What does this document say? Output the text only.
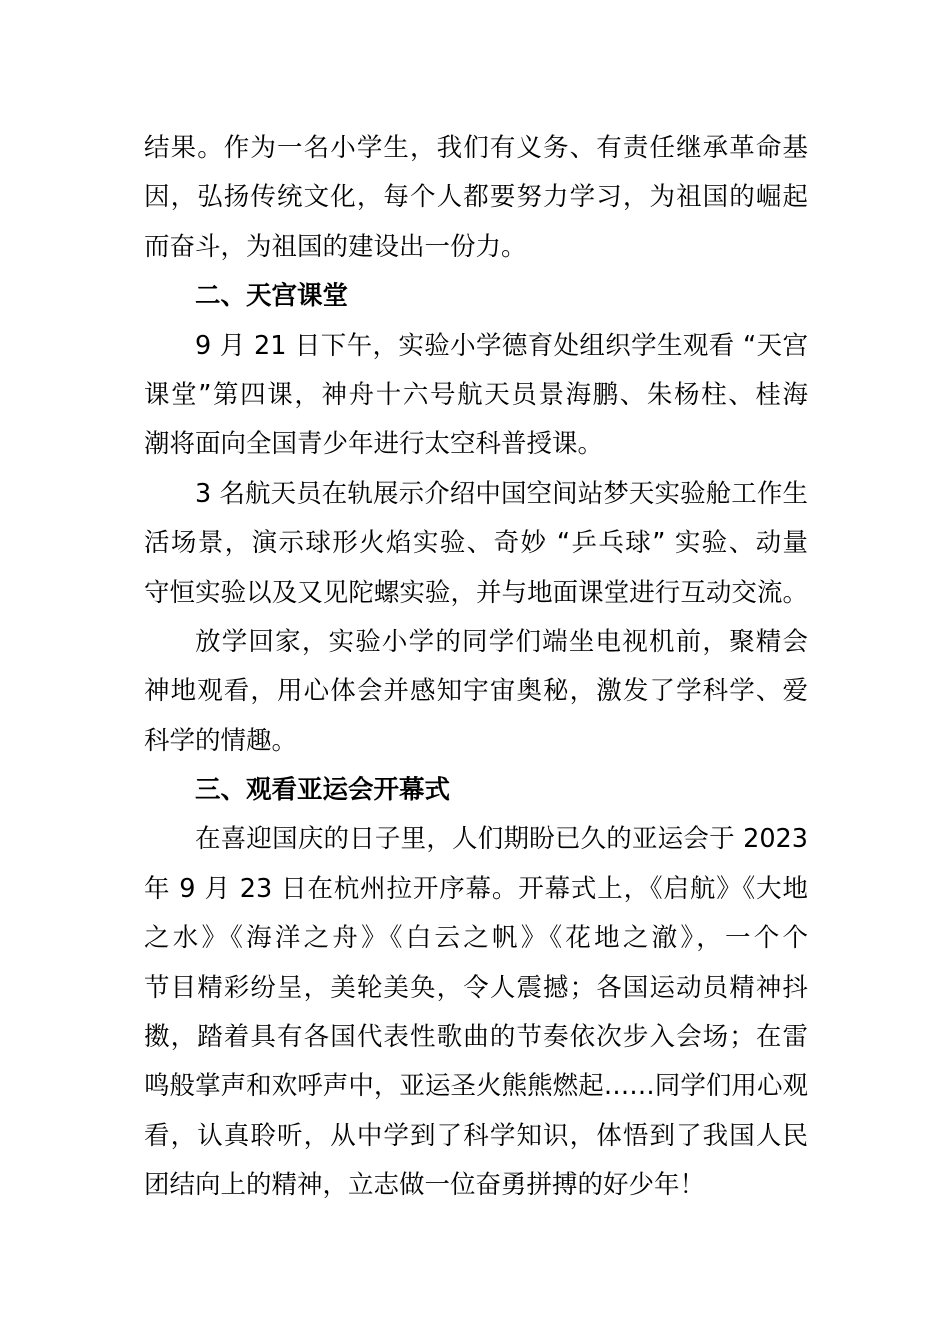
结果。作为一名小学生，我们有义务、有责任继承革命基
因，弘扬传统文化，每个人都要努力学习，为祖国的崛起
而奋斗，为祖国的建设出一份力。
二、天宫课堂
9 月 21 日下午，实验小学德育处组织学生观看 “天宫
课堂”第四课，神舟十六号航天员景海鹏、朱杨柱、桂海
潮将面向全国青少年进行太空科普授课。
3 名航天员在轨展示介绍中国空间站梦天实验舱工作生
活场景，演示球形火焰实验、奇妙 “乒乓球” 实验、动量
守恒实验以及又见陀螺实验，并与地面课堂进行互动交流。
放学回家，实验小学的同学们端坐电视机前，聚精会
神地观看，用心体会并感知宇宙奥秘，激发了学科学、爱
科学的情趣。
三、观看亚运会开幕式
在喜迎国庆的日子里，人们期盼已久的亚运会于 2023
年 9 月 23 日在杭州拉开序幕。开幕式上，《启航》《大地
之水》《海洋之舟》《白云之帆》《花地之澈》，一个个
节目精彩纷呈，美轮美奂，令人震撼；各国运动员精神抖
擞，踏着具有各国代表性歌曲的节奏依次步入会场；在雷
鸣般掌声和欢呼声中，亚运圣火熊熊燃起……同学们用心观
看，认真聆听，从中学到了科学知识，体悟到了我国人民
团结向上的精神，立志做一位奋勇拼搏的好少年！
